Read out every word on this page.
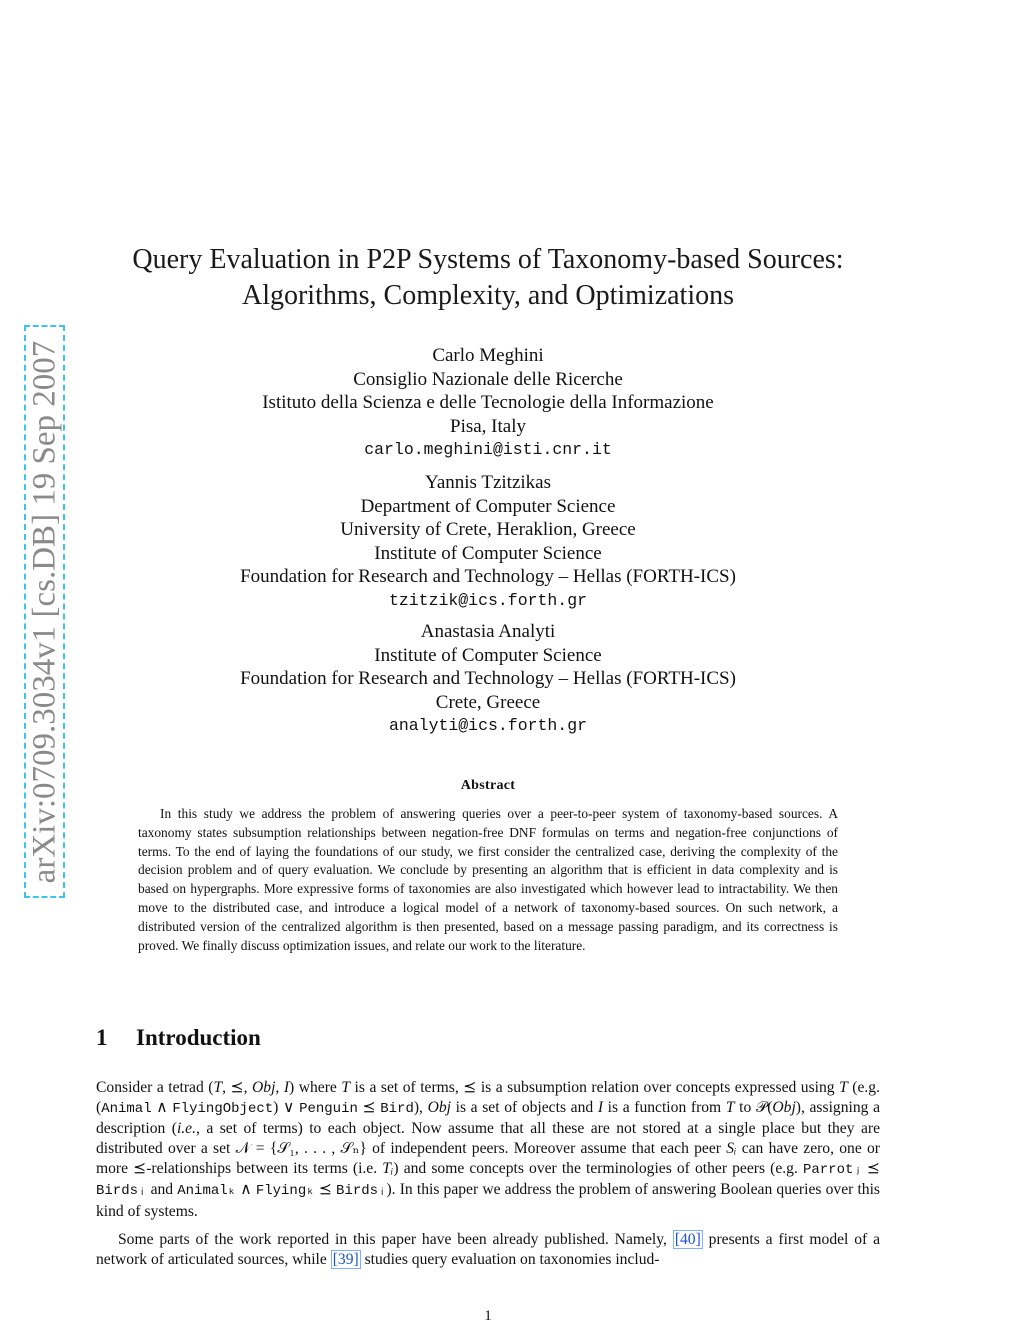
arXiv:0709.3034v1 [cs.DB] 19 Sep 2007
Query Evaluation in P2P Systems of Taxonomy-based Sources:
Algorithms, Complexity, and Optimizations
Carlo Meghini
Consiglio Nazionale delle Ricerche
Istituto della Scienza e delle Tecnologie della Informazione
Pisa, Italy
carlo.meghini@isti.cnr.it
Yannis Tzitzikas
Department of Computer Science
University of Crete, Heraklion, Greece
Institute of Computer Science
Foundation for Research and Technology – Hellas (FORTH-ICS)
tzitzik@ics.forth.gr
Anastasia Analyti
Institute of Computer Science
Foundation for Research and Technology – Hellas (FORTH-ICS)
Crete, Greece
analyti@ics.forth.gr
Abstract

In this study we address the problem of answering queries over a peer-to-peer system of taxonomy-based sources. A taxonomy states subsumption relationships between negation-free DNF formulas on terms and negation-free conjunctions of terms. To the end of laying the foundations of our study, we first consider the centralized case, deriving the complexity of the decision problem and of query evaluation. We conclude by presenting an algorithm that is efficient in data complexity and is based on hypergraphs. More expressive forms of taxonomies are also investigated which however lead to intractability. We then move to the distributed case, and introduce a logical model of a network of taxonomy-based sources. On such network, a distributed version of the centralized algorithm is then presented, based on a message passing paradigm, and its correctness is proved. We finally discuss optimization issues, and relate our work to the literature.

1 Introduction

Consider a tetrad (T, ⪯, Obj, I) where T is a set of terms, ⪯ is a subsumption relation over concepts expressed using T (e.g. (Animal ∧ FlyingObject) ∨ Penguin ⪯ Bird), Obj is a set of objects and I is a function from T to 𝒫(Obj), assigning a description (i.e., a set of terms) to each object. Now assume that all these are not stored at a single place but they are distributed over a set 𝒩 = {𝒮₁, . . . , 𝒮ₙ} of independent peers. Moreover assume that each peer Sᵢ can have zero, one or more ⪯-relationships between its terms (i.e. Tᵢ) and some concepts over the terminologies of other peers (e.g. Parrotⱼ ⪯ Birdsᵢ and Animalₖ ∧ Flyingₖ ⪯ Birdsᵢ). In this paper we address the problem of answering Boolean queries over this kind of systems.

Some parts of the work reported in this paper have been already published. Namely, [40] presents a first model of a network of articulated sources, while [39] studies query evaluation on taxonomies includ-

1
